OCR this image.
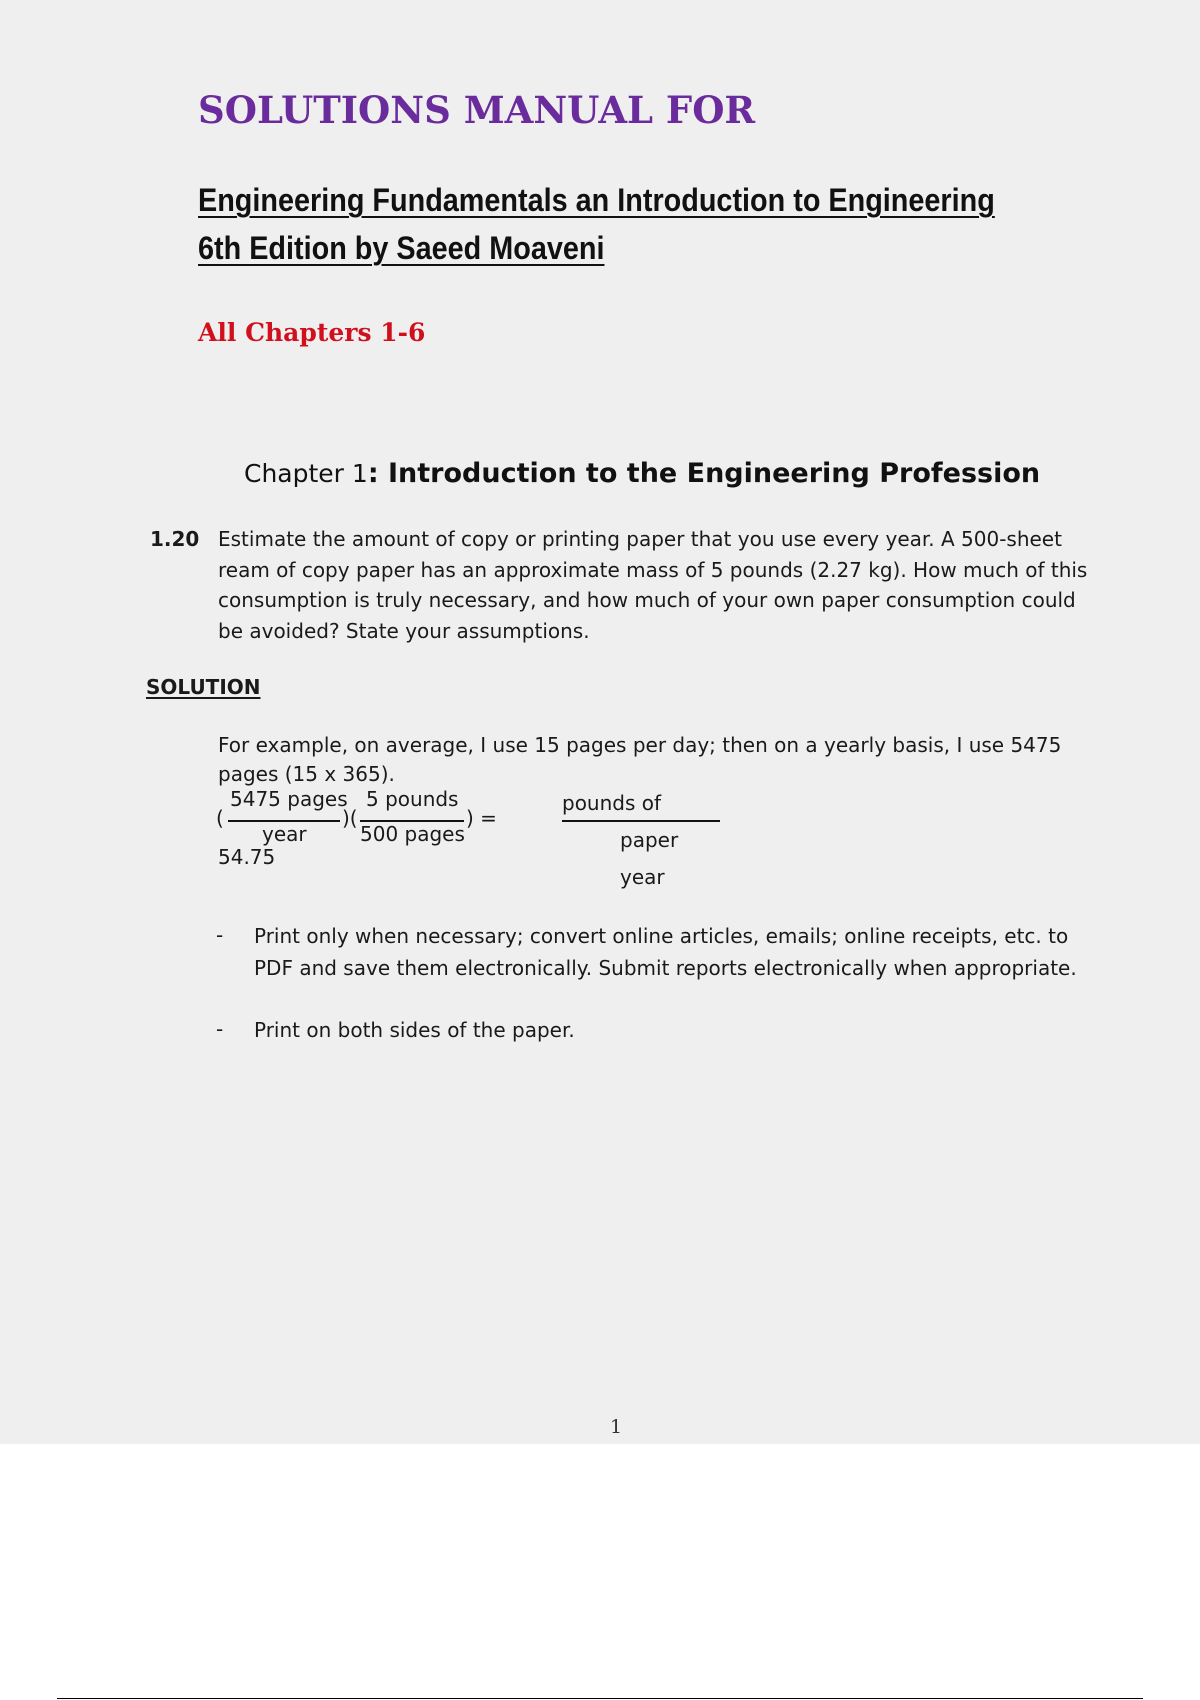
SOLUTIONS MANUAL FOR
Engineering Fundamentals an Introduction to Engineering
6th Edition by Saeed Moaveni
All Chapters 1-6
Chapter 1: Introduction to the Engineering Profession
1.20 Estimate the amount of copy or printing paper that you use every year. A 500-sheet ream of copy paper has an approximate mass of 5 pounds (2.27 kg). How much of this consumption is truly necessary, and how much of your own paper consumption could be avoided? State your assumptions.
SOLUTION
For example, on average, I use 15 pages per day; then on a yearly basis, I use 5475 pages (15 x 365).
(
5475 pages
year
)(
5 pounds
500 pages
) =
54.75
pounds of
paper
year
- Print only when necessary; convert online articles, emails; online receipts, etc. to PDF and save them electronically. Submit reports electronically when appropriate.
- Print on both sides of the paper.
1
